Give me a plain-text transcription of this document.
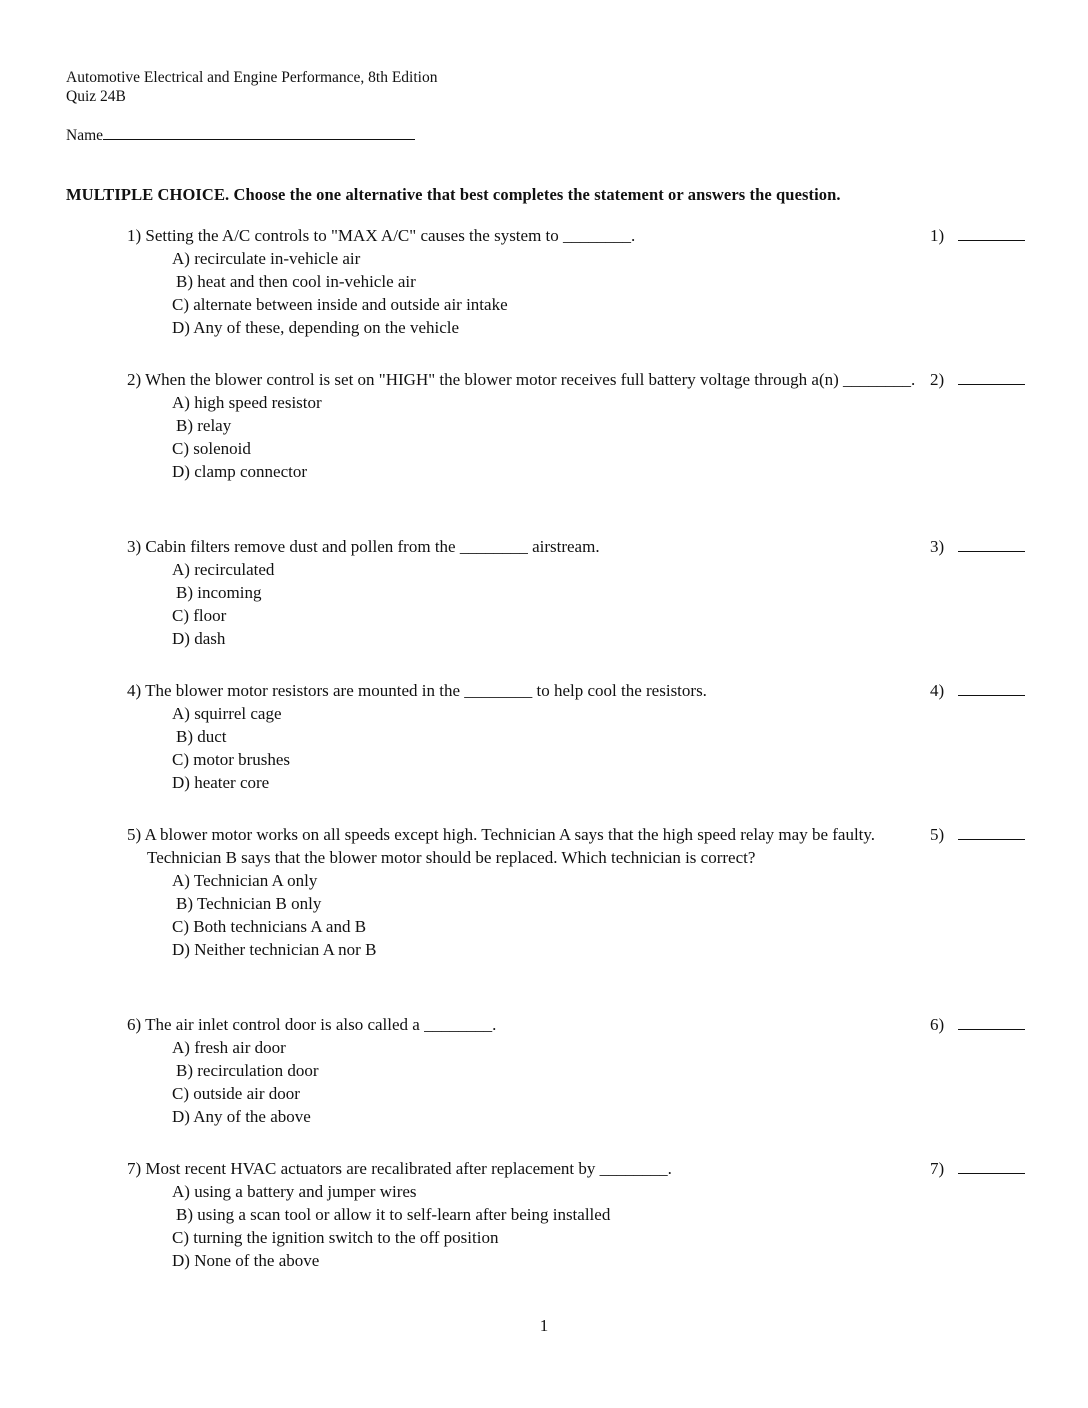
Automotive Electrical and Engine Performance, 8th Edition
Quiz 24B
Name
MULTIPLE CHOICE. Choose the one alternative that best completes the statement or answers the question.
1) Setting the A/C controls to "MAX A/C" causes the system to ________.
A) recirculate in-vehicle air
B) heat and then cool in-vehicle air
C) alternate between inside and outside air intake
D) Any of these, depending on the vehicle
1)
2) When the blower control is set on "HIGH" the blower motor receives full battery voltage through a(n) ________.
A) high speed resistor
B) relay
C) solenoid
D) clamp connector
2)
3) Cabin filters remove dust and pollen from the ________ airstream.
A) recirculated
B) incoming
C) floor
D) dash
3)
4) The blower motor resistors are mounted in the ________ to help cool the resistors.
A) squirrel cage
B) duct
C) motor brushes
D) heater core
4)
5) A blower motor works on all speeds except high. Technician A says that the high speed relay may be faulty. Technician B says that the blower motor should be replaced. Which technician is correct?
A) Technician A only
B) Technician B only
C) Both technicians A and B
D) Neither technician A nor B
5)
6) The air inlet control door is also called a ________.
A) fresh air door
B) recirculation door
C) outside air door
D) Any of the above
6)
7) Most recent HVAC actuators are recalibrated after replacement by ________.
A) using a battery and jumper wires
B) using a scan tool or allow it to self-learn after being installed
C) turning the ignition switch to the off position
D) None of the above
7)
1
